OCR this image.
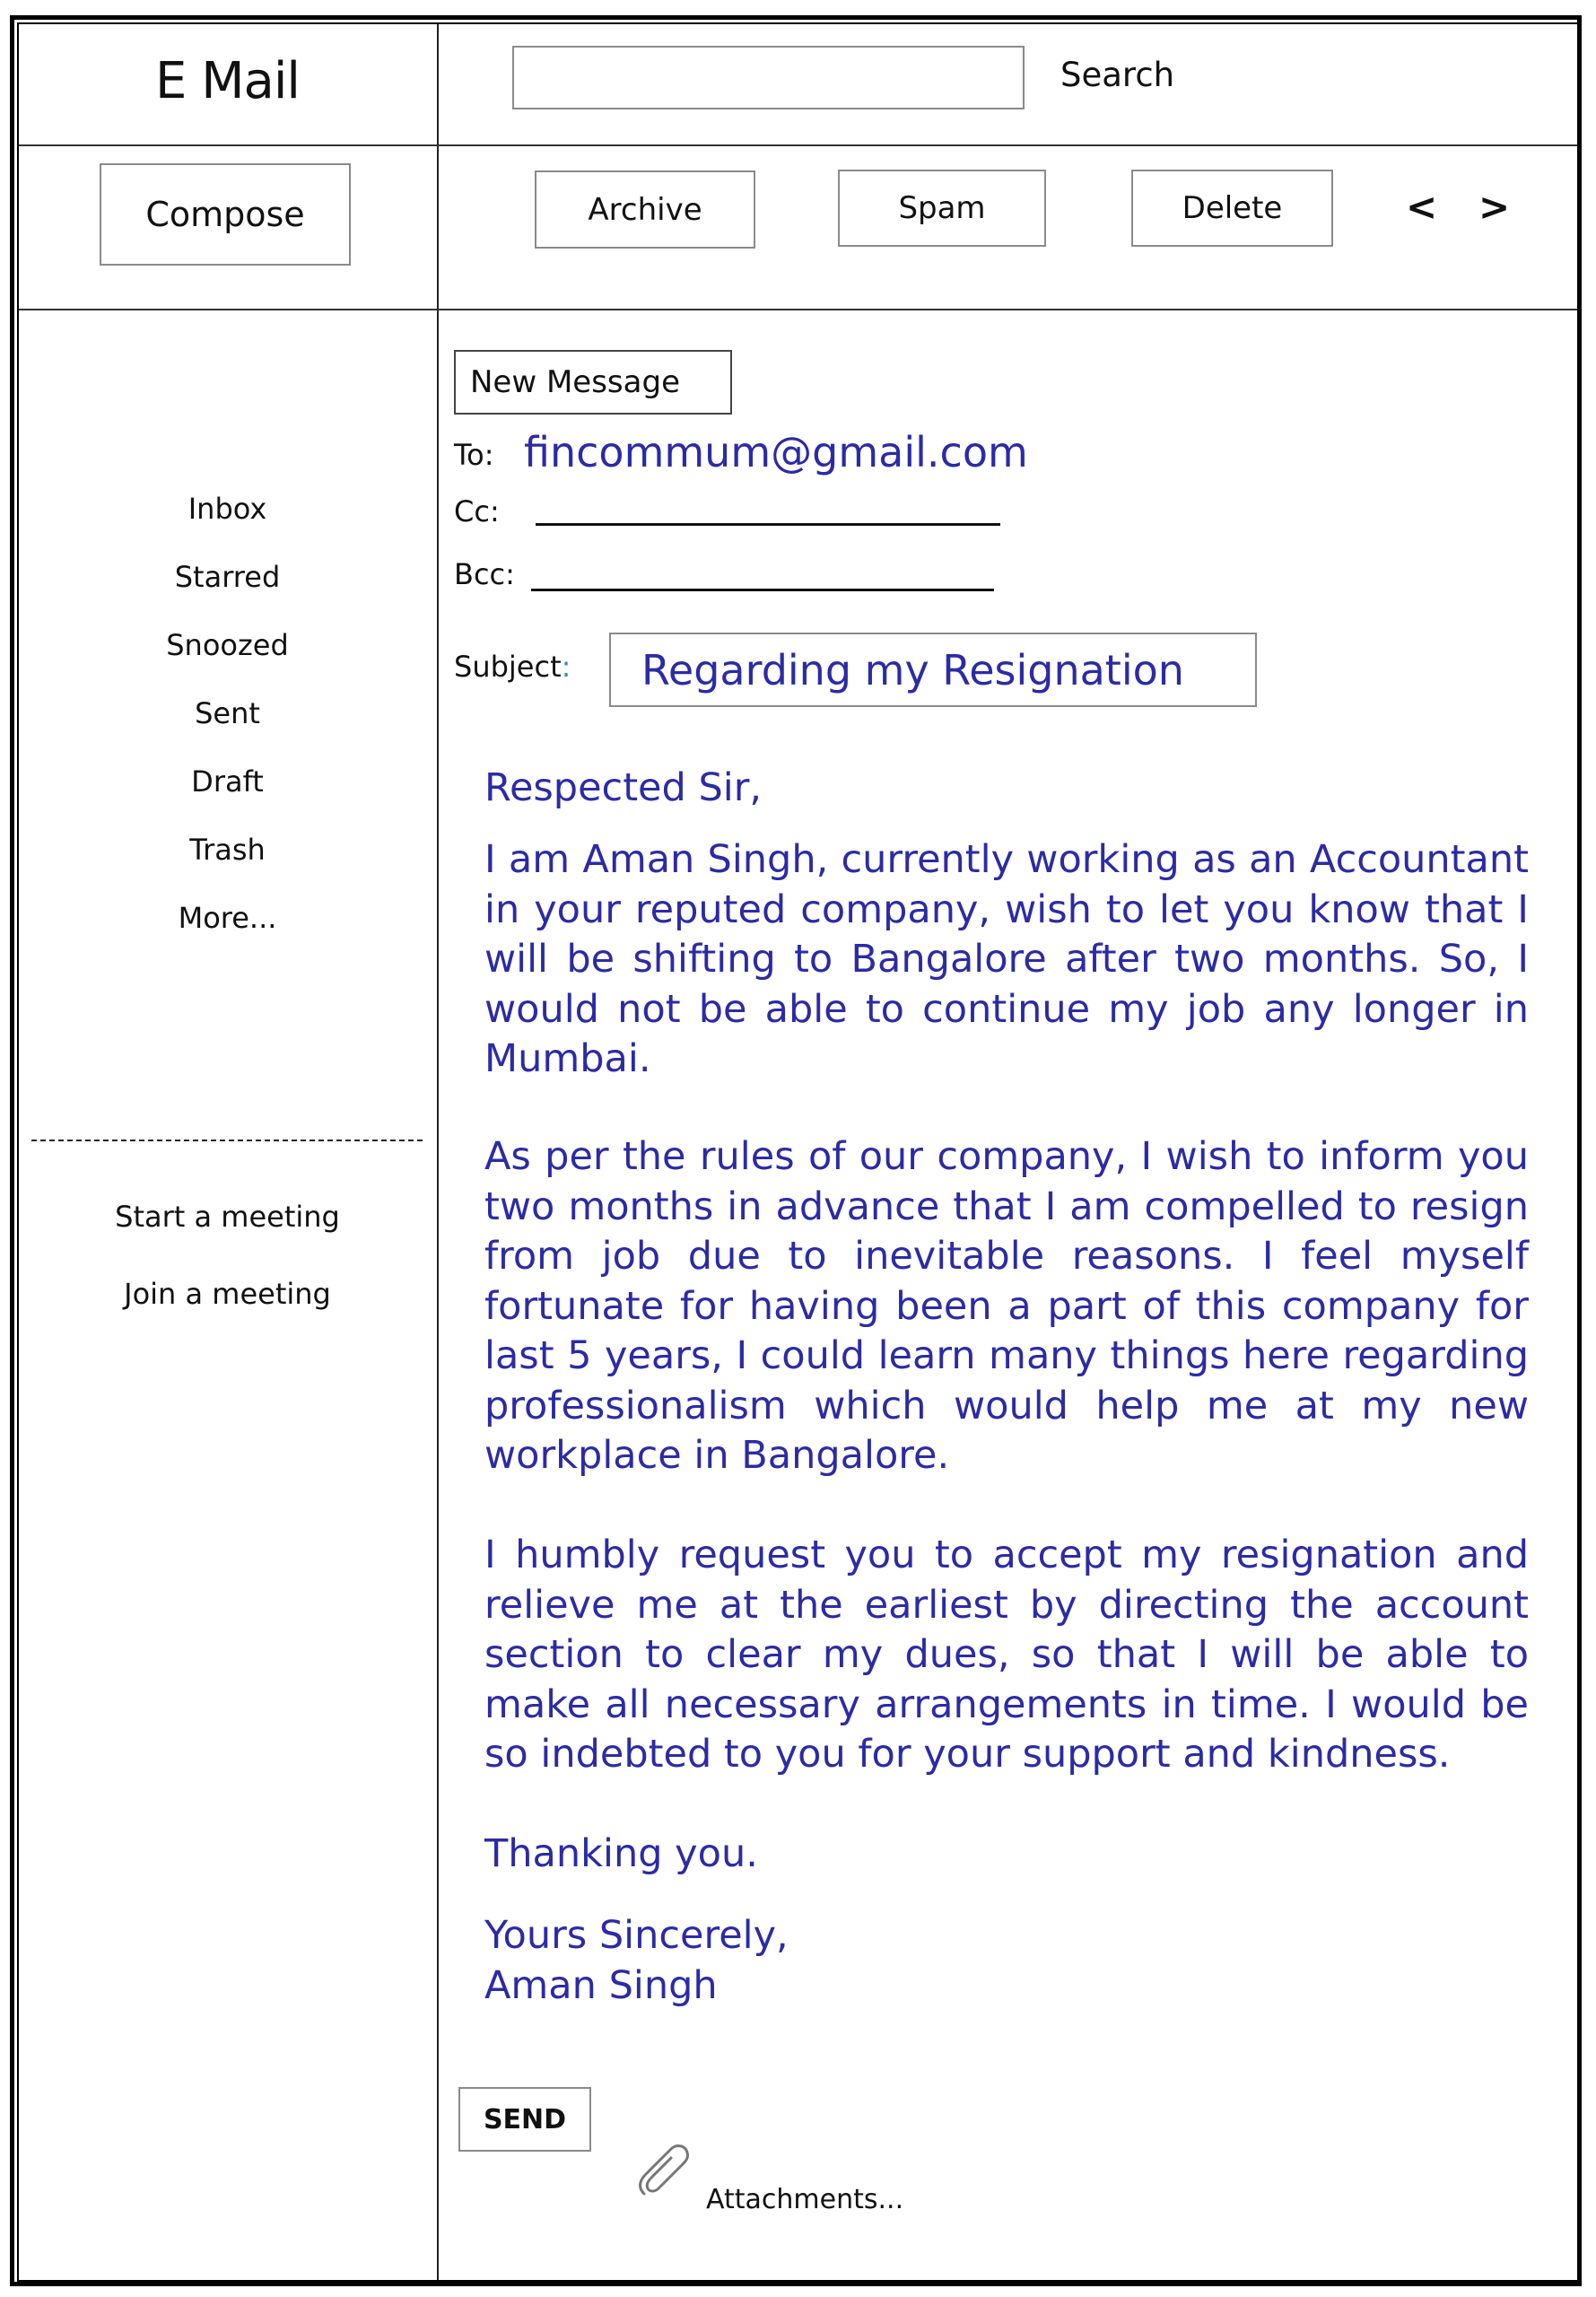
E Mail	Search
Compose	Archive	Spam	Delete	< >
Inbox
Starred
Snoozed
Sent
Draft
Trash
More...
Start a meeting
Join a meeting
New Message
To: fincommum@gmail.com
Cc:
Bcc:
Subject:	Regarding my Resignation
Respected Sir,

I am Aman Singh, currently working as an Accountant in your reputed company, wish to let you know that I will be shifting to Bangalore after two months. So, I would not be able to continue my job any longer in Mumbai.

As per the rules of our company, I wish to inform you two months in advance that I am compelled to resign from job due to inevitable reasons. I feel myself fortunate for having been a part of this company for last 5 years, I could learn many things here regarding professionalism which would help me at my new workplace in Bangalore.

I humbly request you to accept my resignation and relieve me at the earliest by directing the account section to clear my dues, so that I will be able to make all necessary arrangements in time. I would be so indebted to you for your support and kindness.

Thanking you.
Yours Sincerely,
Aman Singh
SEND
Attachments...
